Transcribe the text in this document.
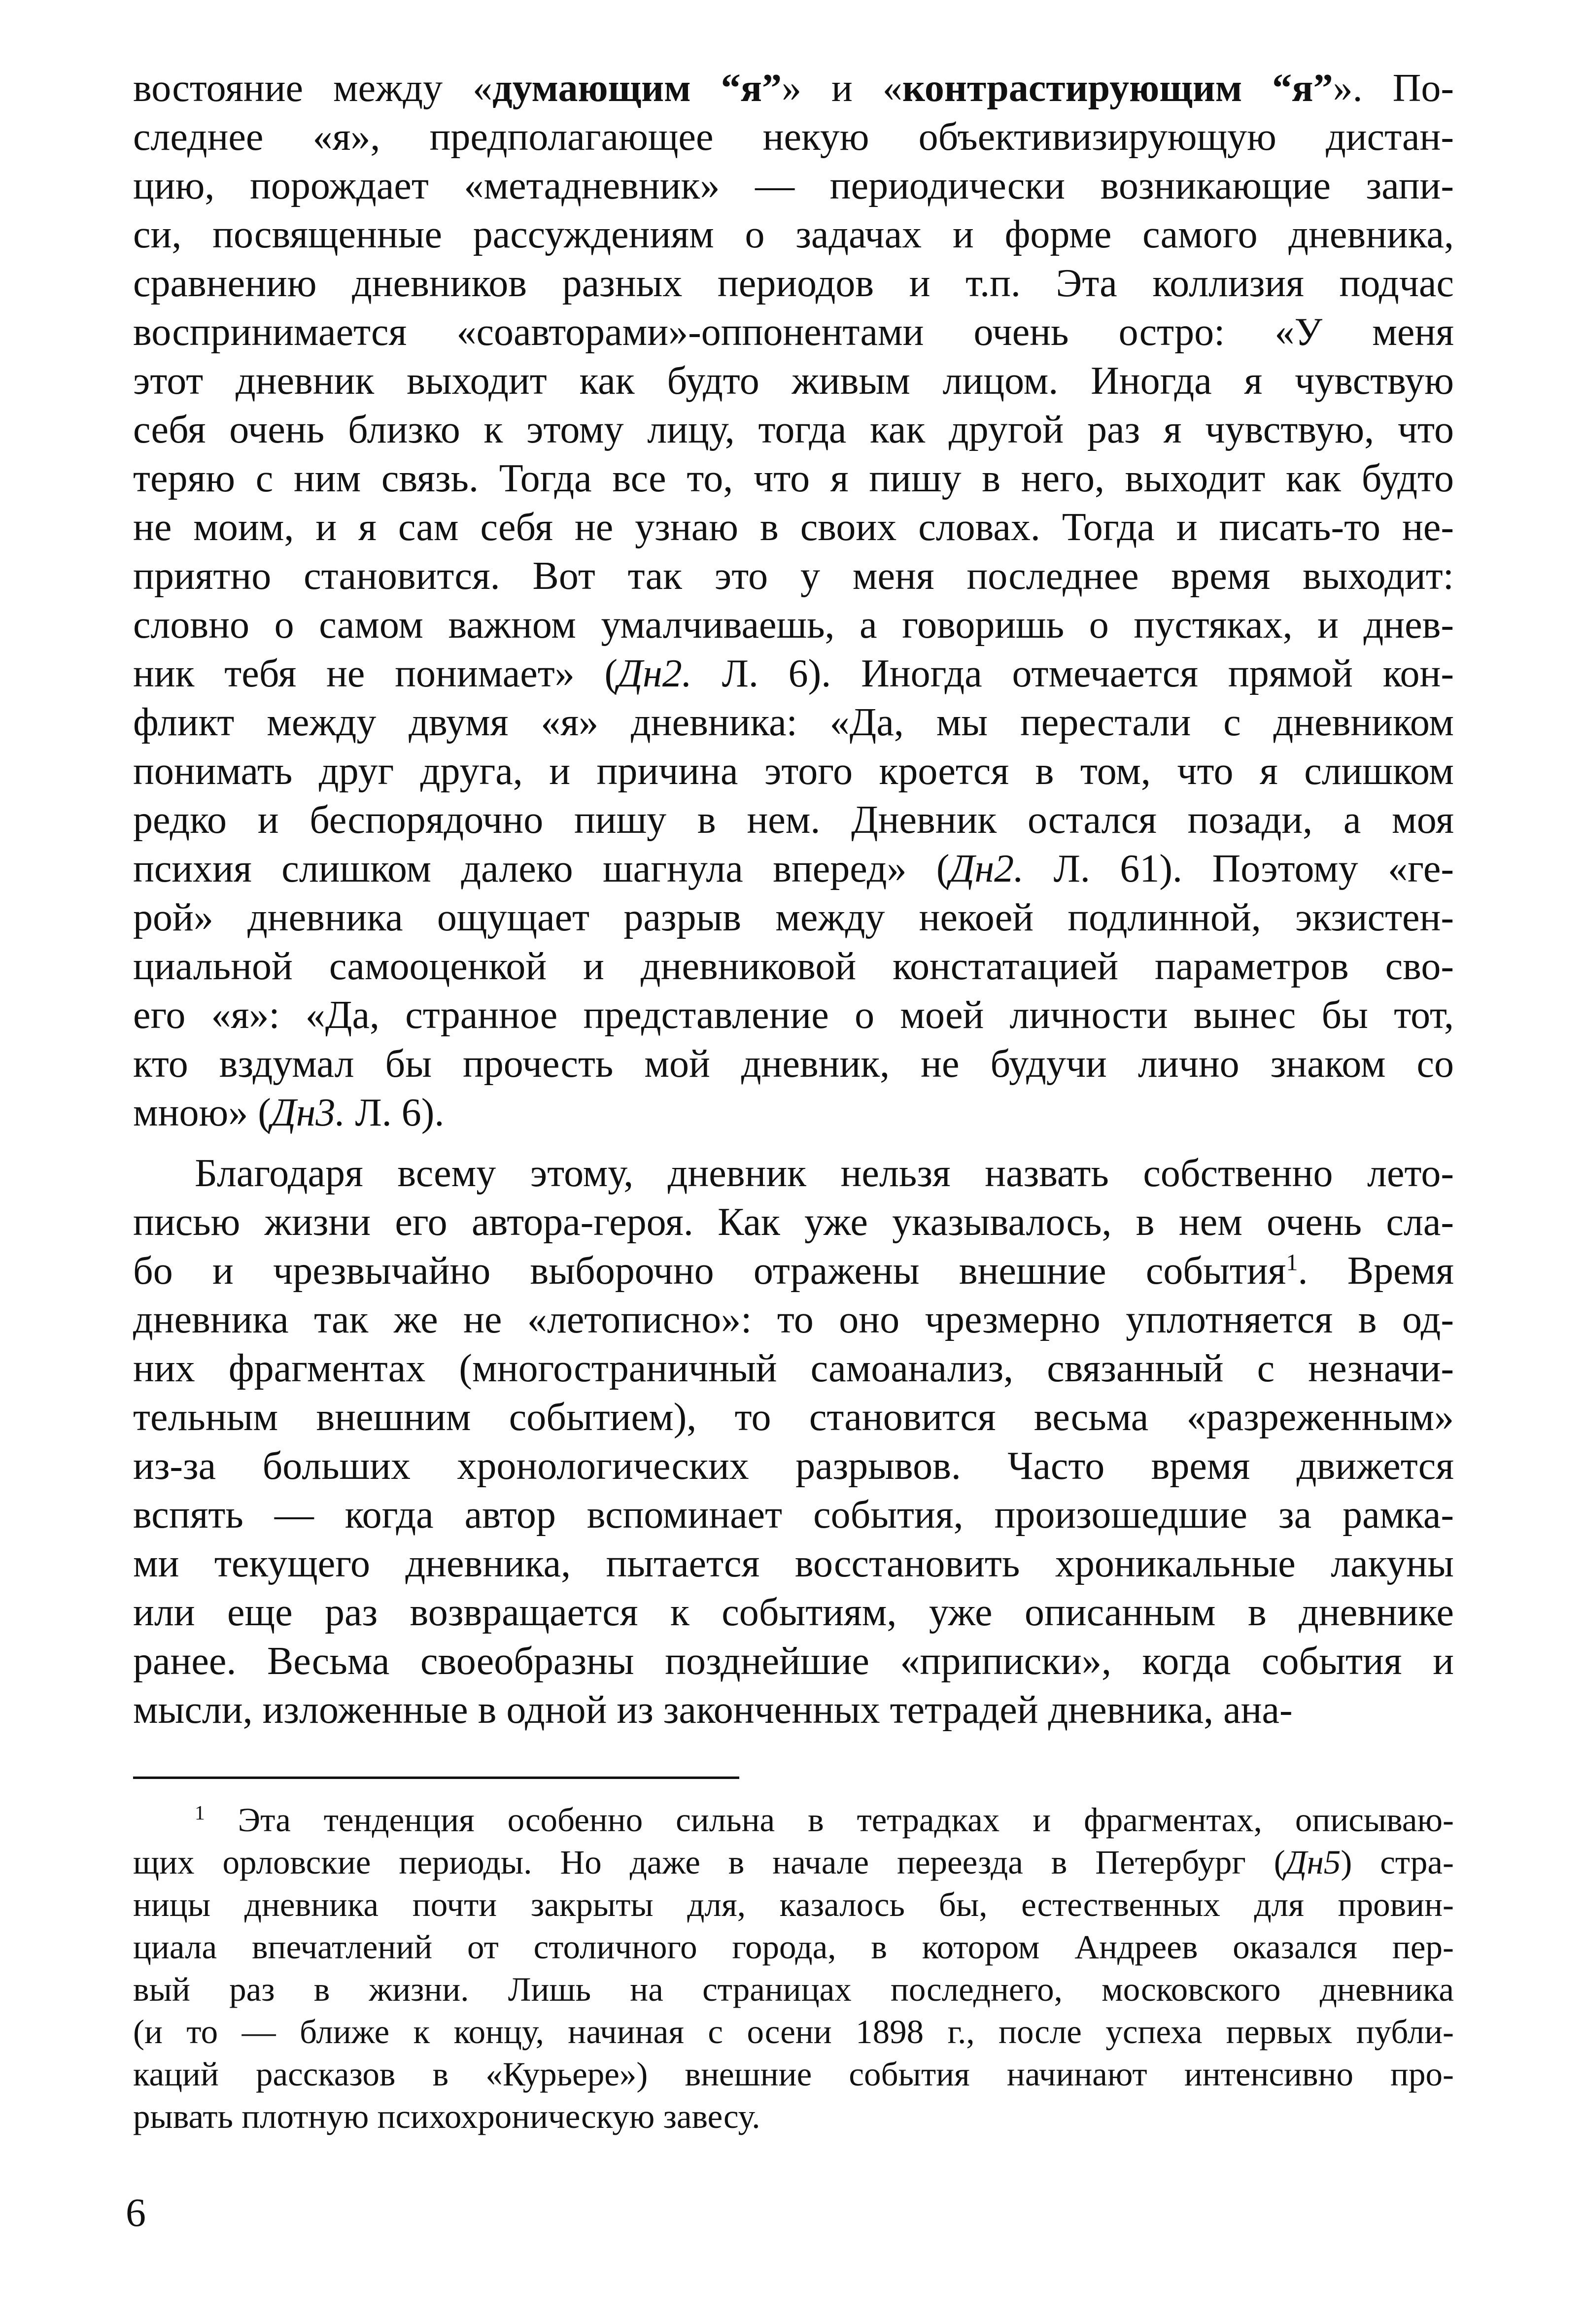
востояние между «думающим “я”» и «контрастирующим “я”». По-
следнее «я», предполагающее некую объективизирующую дистан-
цию, порождает «метадневник» — периодически возникающие запи-
си, посвященные рассуждениям о задачах и форме самого дневника,
сравнению дневников разных периодов и т.п. Эта коллизия подчас
воспринимается «соавторами»-оппонентами очень остро: «У меня
этот дневник выходит как будто живым лицом. Иногда я чувствую
себя очень близко к этому лицу, тогда как другой раз я чувствую, что
теряю с ним связь. Тогда все то, что я пишу в него, выходит как будто
не моим, и я сам себя не узнаю в своих словах. Тогда и писать-то не-
приятно становится. Вот так это у меня последнее время выходит:
словно о самом важном умалчиваешь, а говоришь о пустяках, и днев-
ник тебя не понимает» (Дн2. Л. 6). Иногда отмечается прямой кон-
фликт между двумя «я» дневника: «Да, мы перестали с дневником
понимать друг друга, и причина этого кроется в том, что я слишком
редко и беспорядочно пишу в нем. Дневник остался позади, а моя
психия слишком далеко шагнула вперед» (Дн2. Л. 61). Поэтому «ге-
рой» дневника ощущает разрыв между некоей подлинной, экзистен-
циальной самооценкой и дневниковой констатацией параметров сво-
его «я»: «Да, странное представление о моей личности вынес бы тот,
кто вздумал бы прочесть мой дневник, не будучи лично знаком со
мною» (Дн3. Л. 6).
Благодаря всему этому, дневник нельзя назвать собственно лето-
писью жизни его автора-героя. Как уже указывалось, в нем очень сла-
бо и чрезвычайно выборочно отражены внешние события$^1$. Время
дневника так же не «летописно»: то оно чрезмерно уплотняется в од-
них фрагментах (многостраничный самоанализ, связанный с незначи-
тельным внешним событием), то становится весьма «разреженным»
из-за больших хронологических разрывов. Часто время движется
вспять — когда автор вспоминает события, произошедшие за рамка-
ми текущего дневника, пытается восстановить хроникальные лакуны
или еще раз возвращается к событиям, уже описанным в дневнике
ранее. Весьма своеобразны позднейшие «приписки», когда события и
мысли, изложенные в одной из законченных тетрадей дневника, ана-
$^1$ Эта тенденция особенно сильна в тетрадках и фрагментах, описываю-
щих орловские периоды. Но даже в начале переезда в Петербург (Дн5) стра-
ницы дневника почти закрыты для, казалось бы, естественных для провин-
циала впечатлений от столичного города, в котором Андреев оказался пер-
вый раз в жизни. Лишь на страницах последнего, московского дневника
(и то — ближе к концу, начиная с осени 1898 г., после успеха первых публи-
каций рассказов в «Курьере») внешние события начинают интенсивно про-
рывать плотную психохроническую завесу.
6
